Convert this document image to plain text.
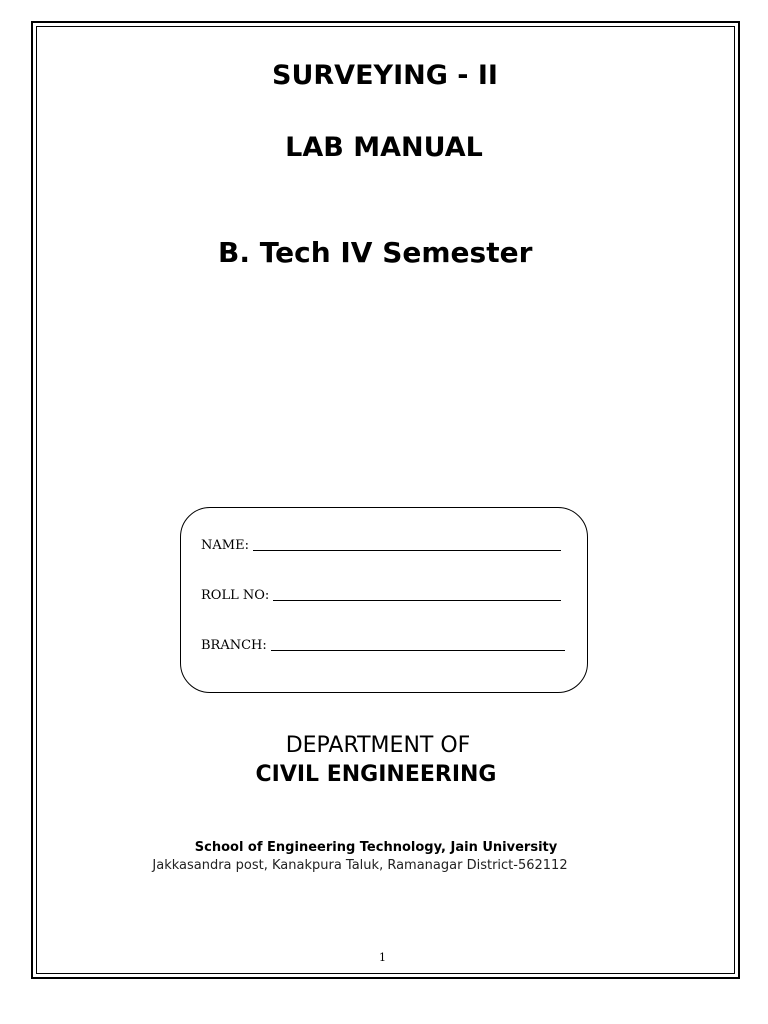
SURVEYING - II
LAB MANUAL
B. Tech IV Semester
NAME:
ROLL NO:
BRANCH:
DEPARTMENT OF
CIVIL ENGINEERING
School of Engineering Technology, Jain University
Jakkasandra post, Kanakpura Taluk, Ramanagar District-562112
1
